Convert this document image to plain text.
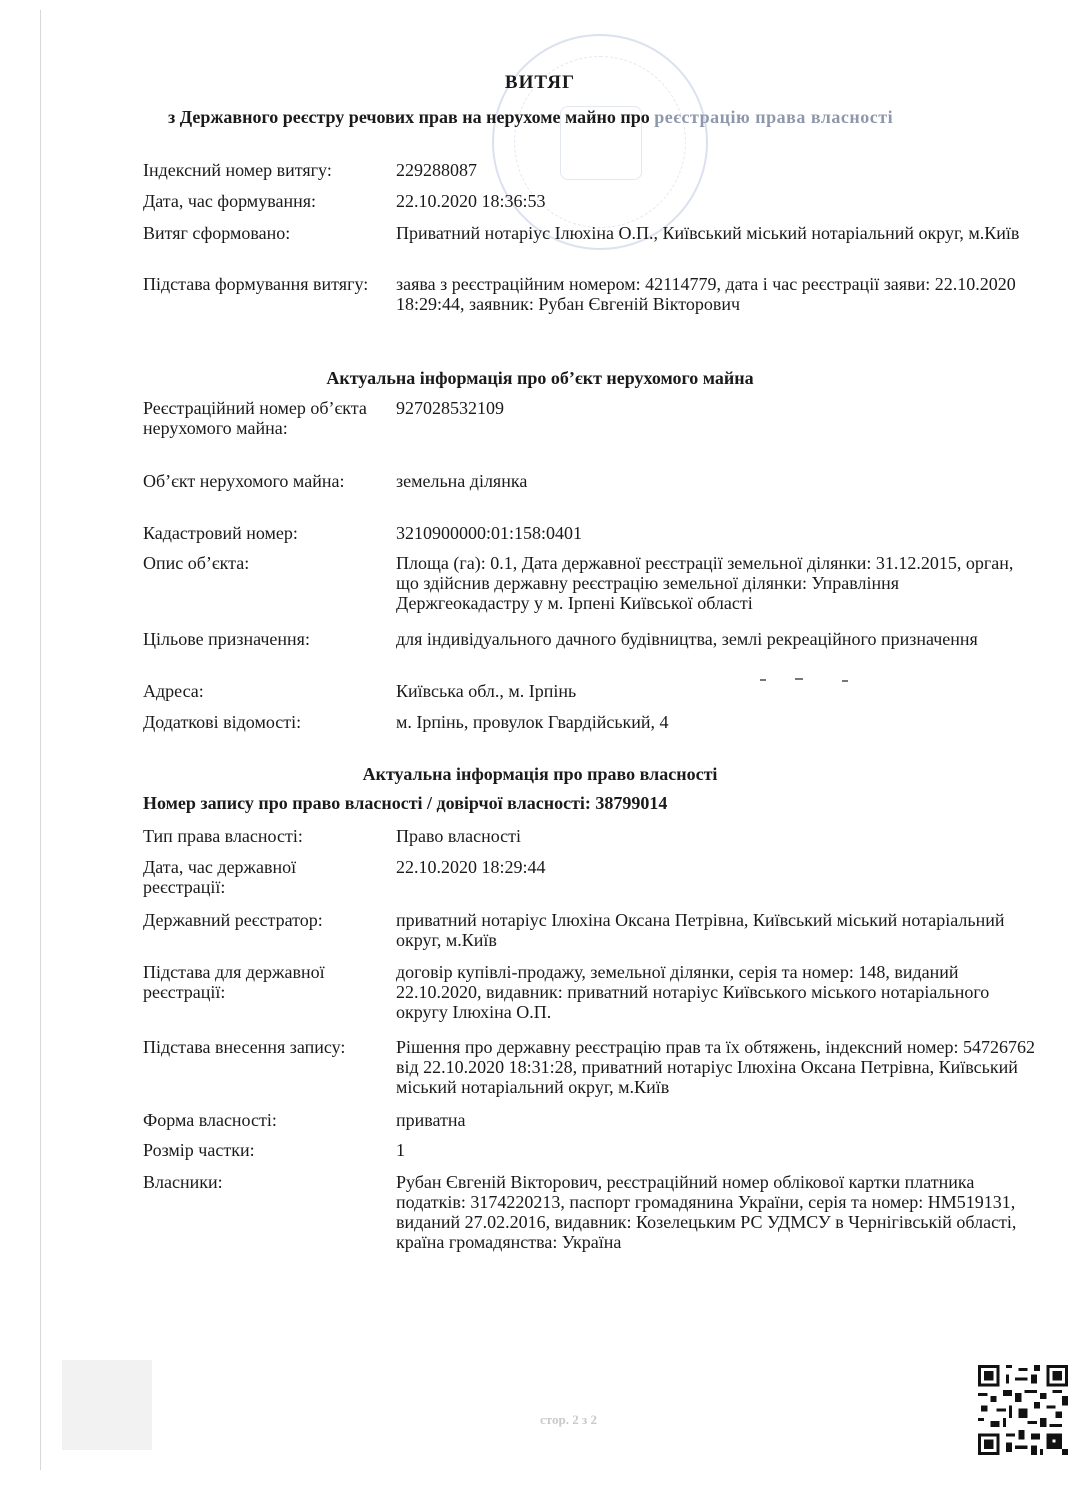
ВИТЯГ
з Державного реєстру речових прав на нерухоме майно про реєстрацію права власності
Індексний номер витягу:	229288087
Дата, час формування:	22.10.2020 18:36:53
Витяг сформовано:	Приватний нотаріус Ілюхіна О.П., Київський міський нотаріальний округ, м.Київ
Підстава формування витягу: заява з реєстраційним номером: 42114779, дата і час реєстрації заяви: 22.10.2020 18:29:44, заявник: Рубан Євгеній Вікторович
Актуальна інформація про об’єкт нерухомого майна
Реєстраційний номер об’єкта нерухомого майна:
927028532109
Об’єкт нерухомого майна:	земельна ділянка
Кадастровий номер:	3210900000:01:158:0401
Опис об’єкта:	Площа (га): 0.1, Дата державної реєстрації земельної ділянки: 31.12.2015, орган, що здійснив державну реєстрацію земельної ділянки: Управління Держгеокадастру у м. Ірпені Київської області
Цільове призначення:	для індивідуального дачного будівництва, землі рекреаційного призначення
Адреса:	Київська обл., м. Ірпінь
Додаткові відомості:	м. Ірпінь, провулок Гвардійський, 4
Актуальна інформація про право власності
Номер запису про право власності / довірчої власності: 38799014
Тип права власності:	Право власності
Дата, час державної реєстрації:
22.10.2020 18:29:44
Державний реєстратор:	приватний нотаріус Ілюхіна Оксана Петрівна, Київський міський нотаріальний округ, м.Київ
Підстава для державної реєстрації:
договір купівлі-продажу, земельної ділянки, серія та номер: 148, виданий 22.10.2020, видавник: приватний нотаріус Київського міського нотаріального округу Ілюхіна О.П.
Підстава внесення запису:	Рішення про державну реєстрацію прав та їх обтяжень, індексний номер: 54726762 від 22.10.2020 18:31:28, приватний нотаріус Ілюхіна Оксана Петрівна, Київський міський нотаріальний округ, м.Київ
Форма власності:	приватна
Розмір частки:	1
Власники:	Рубан Євгеній Вікторович, реєстраційний номер облікової картки платника податків: 3174220213, паспорт громадянина України, серія та номер: НМ519131, виданий 27.02.2016, видавник: Козелецьким РС УДМСУ в Чернігівській області, країна громадянства: Україна
стор. 2 з 2
